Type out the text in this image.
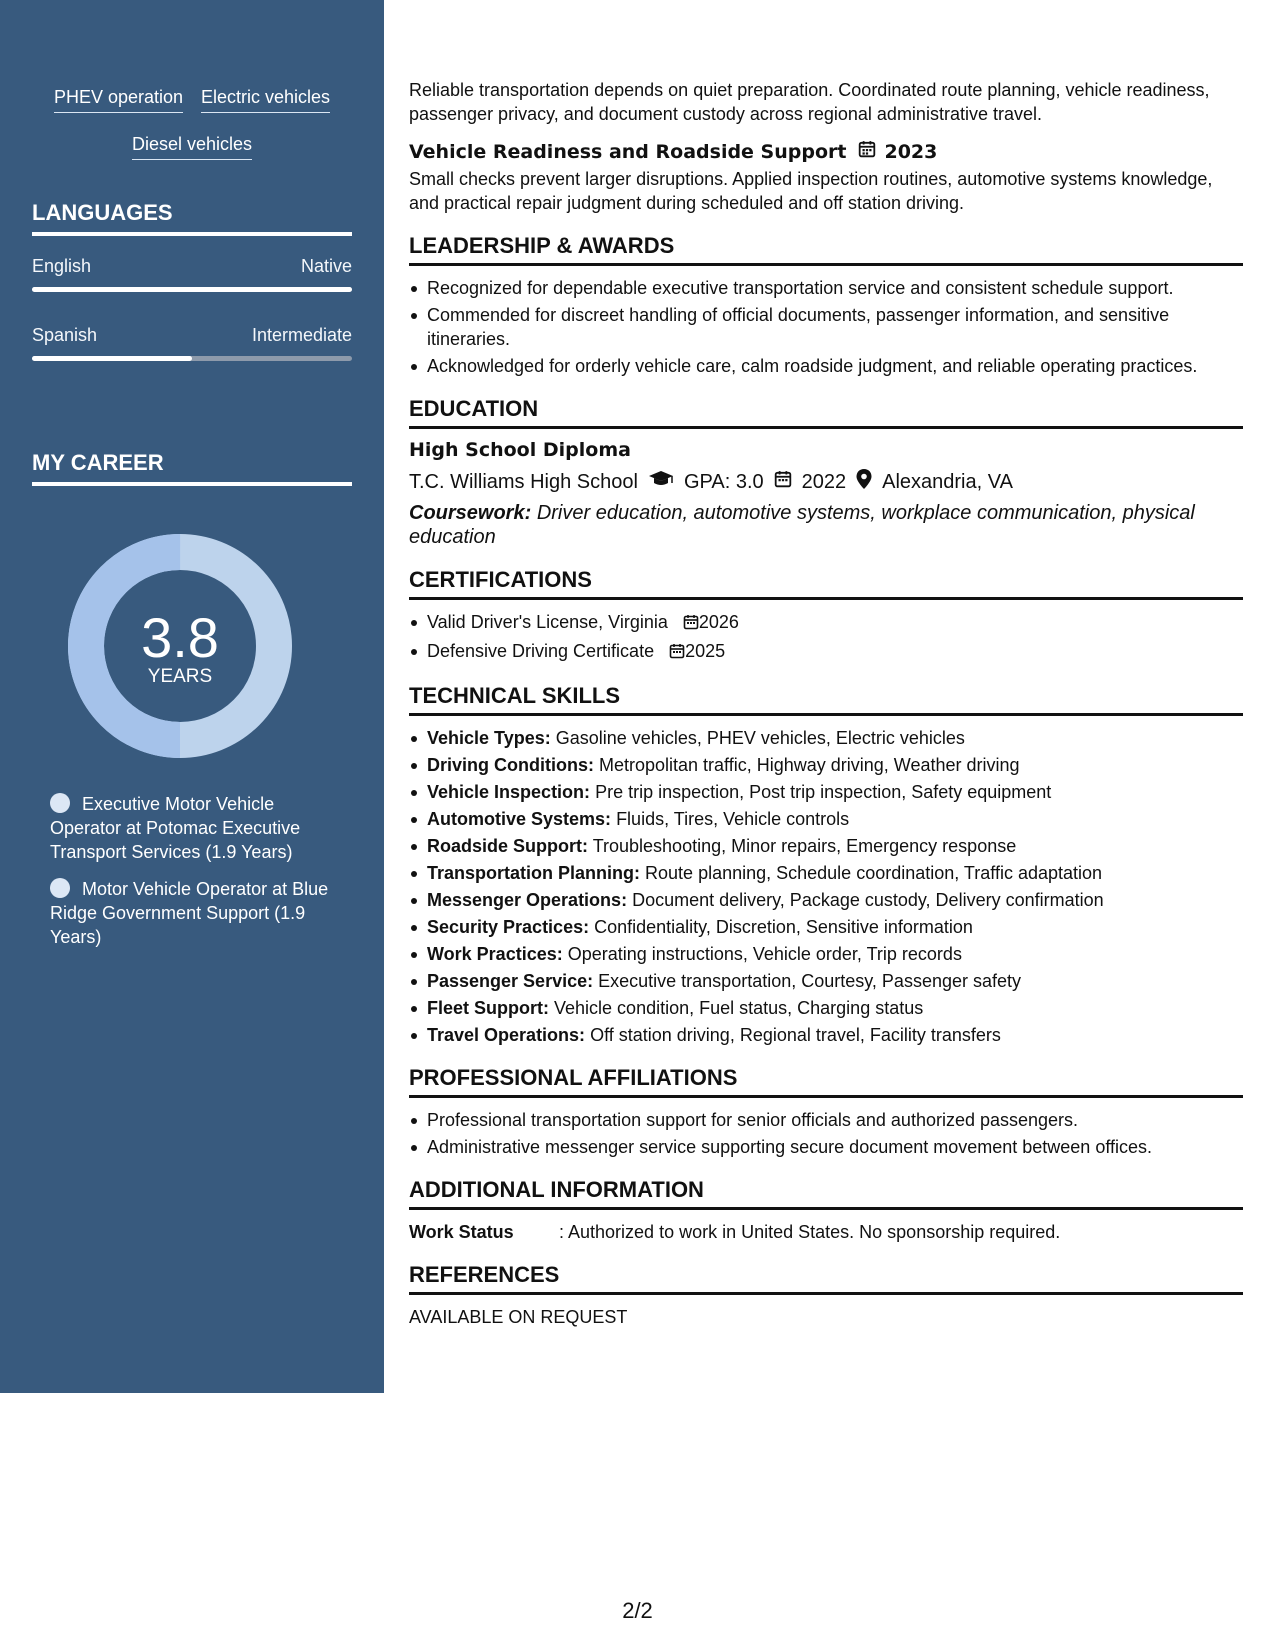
PHEV operation Electric vehicles
Diesel vehicles
LANGUAGES
English	Native
Spanish	Intermediate
MY CAREER
3.8
YEARS
Executive Motor Vehicle Operator at Potomac Executive Transport Services (1.9 Years)
Motor Vehicle Operator at Blue Ridge Government Support (1.9 Years)
Reliable transportation depends on quiet preparation. Coordinated route planning, vehicle readiness, passenger privacy, and document custody across regional administrative travel.
Vehicle Readiness and Roadside Support 2023
Small checks prevent larger disruptions. Applied inspection routines, automotive systems knowledge, and practical repair judgment during scheduled and off station driving.
LEADERSHIP & AWARDS
Recognized for dependable executive transportation service and consistent schedule support.
Commended for discreet handling of official documents, passenger information, and sensitive itineraries.
Acknowledged for orderly vehicle care, calm roadside judgment, and reliable operating practices.
EDUCATION
High School Diploma
T.C. Williams High School GPA: 3.0 2022 Alexandria, VA
Coursework: Driver education, automotive systems, workplace communication, physical education
CERTIFICATIONS
Valid Driver's License, Virginia 2026
Defensive Driving Certificate 2025
TECHNICAL SKILLS
Vehicle Types: Gasoline vehicles, PHEV vehicles, Electric vehicles
Driving Conditions: Metropolitan traffic, Highway driving, Weather driving
Vehicle Inspection: Pre trip inspection, Post trip inspection, Safety equipment
Automotive Systems: Fluids, Tires, Vehicle controls
Roadside Support: Troubleshooting, Minor repairs, Emergency response
Transportation Planning: Route planning, Schedule coordination, Traffic adaptation
Messenger Operations: Document delivery, Package custody, Delivery confirmation
Security Practices: Confidentiality, Discretion, Sensitive information
Work Practices: Operating instructions, Vehicle order, Trip records
Passenger Service: Executive transportation, Courtesy, Passenger safety
Fleet Support: Vehicle condition, Fuel status, Charging status
Travel Operations: Off station driving, Regional travel, Facility transfers
PROFESSIONAL AFFILIATIONS
Professional transportation support for senior officials and authorized passengers.
Administrative messenger service supporting secure document movement between offices.
ADDITIONAL INFORMATION
Work Status	: Authorized to work in United States. No sponsorship required.
REFERENCES
AVAILABLE ON REQUEST
2/2
